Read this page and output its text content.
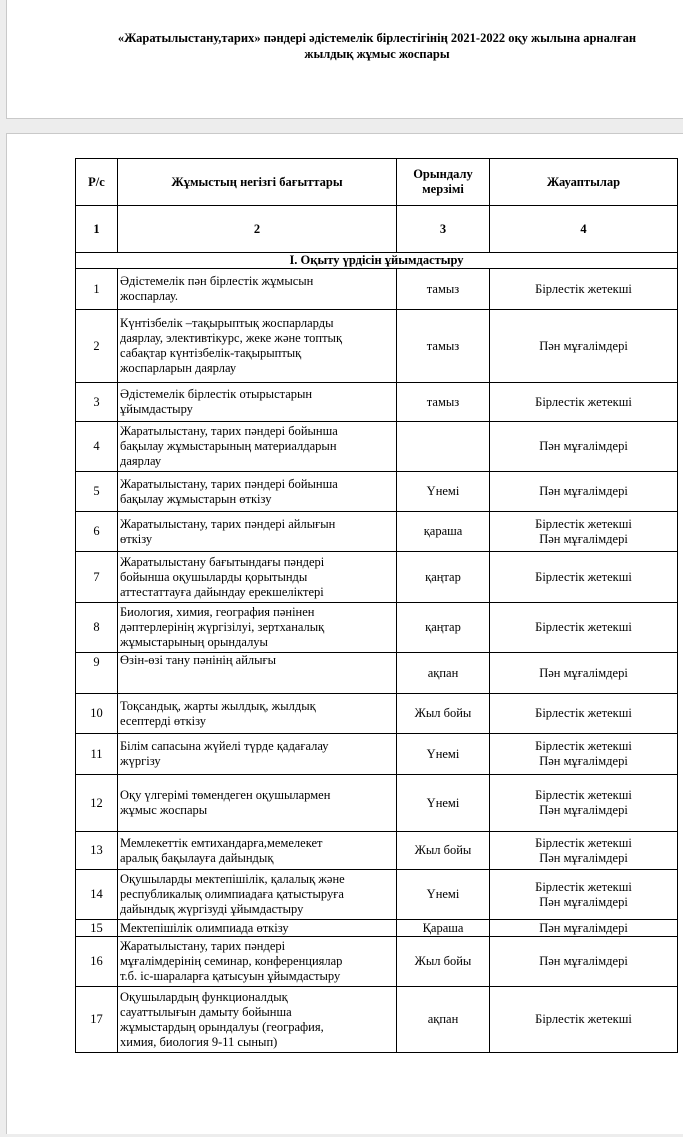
«Жаратылыстану,тарих» пәндері әдістемелік бірлестігінің 2021-2022 оқу жылына арналған
жылдық жұмыс жоспары
Р/с	Жұмыстың негізгі бағыттары	Орындалу
мерзімі	Жауаптылар
1	2	3	4
І. Оқыту үрдісін ұйымдастыру			
1	Әдістемелік пән бірлестік жұмысын
жоспарлау.	тамыз	Бірлестік жетекші

2	Күнтізбелік –тақырыптық жоспарларды
даярлау, элективтікурс, жеке және топтық
сабақтар күнтізбелік-тақырыптық
жоспарларын даярлау	тамыз	Пән мұғалімдері

3	Әдістемелік бірлестік отырыстарын
ұйымдастыру	тамыз	Бірлестік жетекші

4	Жаратылыстану, тарих пәндері бойынша
бақылау жұмыстарының материалдарын
даярлау		Пән мұғалімдері

5	Жаратылыстану, тарих пәндері бойынша
бақылау жұмыстарын өткізу	Үнемі	Пән мұғалімдері

6	Жаратылыстану, тарих пәндері айлығын
өткізу	қараша	Бірлестік жетекші
Пән мұғалімдері

7	Жаратылыстану бағытындағы пәндері
бойынша оқушыларды қорытынды
аттестаттауға дайындау ерекшеліктері	қаңтар	Бірлестік жетекші

8	Биология, химия, география пәнінен
дәптерлерінің жүргізілуі, зертханалық
жұмыстарының орындалуы	қаңтар	Бірлестік жетекші

9	Өзін-өзі тану пәнінің айлығы	ақпан	Пән мұғалімдері

10	Тоқсандық, жарты жылдық, жылдық
есептерді өткізу	Жыл бойы	Бірлестік жетекші

11	Білім сапасына жүйелі түрде қадағалау
жүргізу	Үнемі	Бірлестік жетекші
Пән мұғалімдері

12	Оқу үлгерімі төмендеген оқушылармен
жұмыс жоспары	Үнемі	Бірлестік жетекші
Пән мұғалімдері

13	Мемлекеттік емтихандарға,мемелекет
аралық бақылауға дайындық	Жыл бойы	Бірлестік жетекші
Пән мұғалімдері

14	Оқушыларды мектепішілік, қалалық және
республикалық олимпиадаға қатыстыруға
дайындық жүргізуді ұйымдастыру	Үнемі	Бірлестік жетекші
Пән мұғалімдері

15	Мектепішілік олимпиада өткізу	Қараша	Пән мұғалімдері

16	Жаратылыстану, тарих пәндері
мұғалімдерінің семинар, конференциялар
т.б. іс-шараларға қатысуын ұйымдастыру	Жыл бойы	Пән мұғалімдері

17	Оқушылардың функционалдық
сауаттылығын дамыту бойынша
жұмыстардың орындалуы (география,
химия, биология 9-11 сынып)	ақпан	Бірлестік жетекші
